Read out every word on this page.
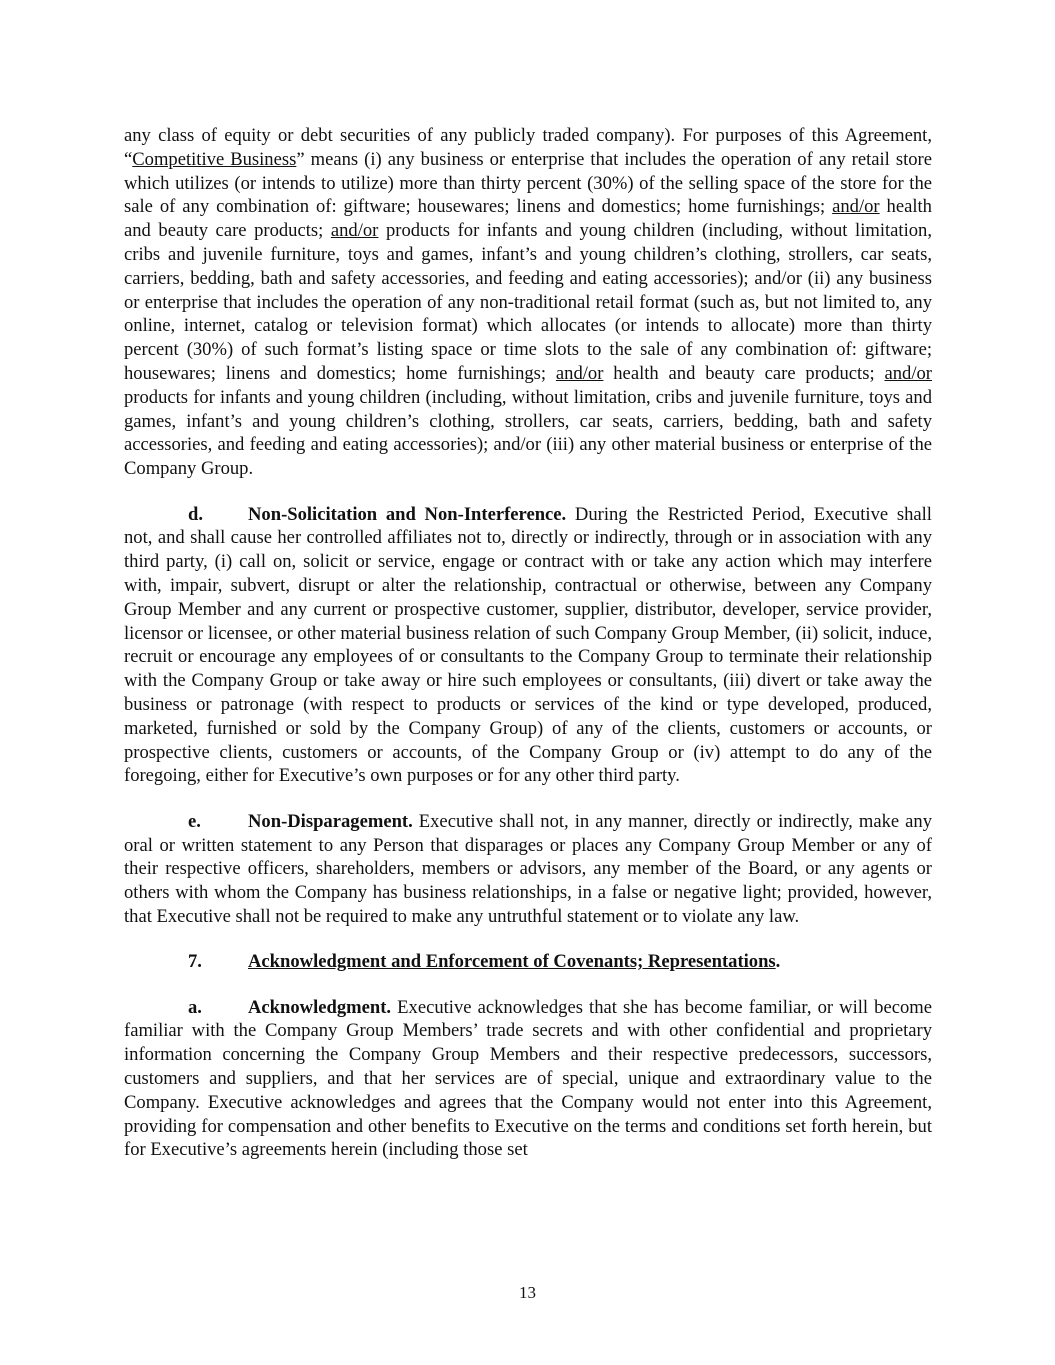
any class of equity or debt securities of any publicly traded company). For purposes of this Agreement, “Competitive Business” means (i) any business or enterprise that includes the operation of any retail store which utilizes (or intends to utilize) more than thirty percent (30%) of the selling space of the store for the sale of any combination of: giftware; housewares; linens and domestics; home furnishings; and/or health and beauty care products; and/or products for infants and young children (including, without limitation, cribs and juvenile furniture, toys and games, infant’s and young children’s clothing, strollers, car seats, carriers, bedding, bath and safety accessories, and feeding and eating accessories); and/or (ii) any business or enterprise that includes the operation of any non-traditional retail format (such as, but not limited to, any online, internet, catalog or television format) which allocates (or intends to allocate) more than thirty percent (30%) of such format’s listing space or time slots to the sale of any combination of: giftware; housewares; linens and domestics; home furnishings; and/or health and beauty care products; and/or products for infants and young children (including, without limitation, cribs and juvenile furniture, toys and games, infant’s and young children’s clothing, strollers, car seats, carriers, bedding, bath and safety accessories, and feeding and eating accessories); and/or (iii) any other material business or enterprise of the Company Group.

d. Non-Solicitation and Non-Interference. During the Restricted Period, Executive shall not, and shall cause her controlled affiliates not to, directly or indirectly, through or in association with any third party, (i) call on, solicit or service, engage or contract with or take any action which may interfere with, impair, subvert, disrupt or alter the relationship, contractual or otherwise, between any Company Group Member and any current or prospective customer, supplier, distributor, developer, service provider, licensor or licensee, or other material business relation of such Company Group Member, (ii) solicit, induce, recruit or encourage any employees of or consultants to the Company Group to terminate their relationship with the Company Group or take away or hire such employees or consultants, (iii) divert or take away the business or patronage (with respect to products or services of the kind or type developed, produced, marketed, furnished or sold by the Company Group) of any of the clients, customers or accounts, or prospective clients, customers or accounts, of the Company Group or (iv) attempt to do any of the foregoing, either for Executive’s own purposes or for any other third party.

e.	Non-Disparagement. Executive shall not, in any manner, directly or indirectly, make any oral or written statement to any Person that disparages or places any Company Group Member or any of their respective officers, shareholders, members or advisors, any member of the Board, or any agents or others with whom the Company has business relationships, in a false or negative light; provided, however, that Executive shall not be required to make any untruthful statement or to violate any law.

7. Acknowledgment and Enforcement of Covenants; Representations.

a. Acknowledgment. Executive acknowledges that she has become familiar, or will become familiar with the Company Group Members’ trade secrets and with other confidential and proprietary information concerning the Company Group Members and their respective predecessors, successors, customers and suppliers, and that her services are of special, unique and extraordinary value to the Company. Executive acknowledges and agrees that the Company would not enter into this Agreement, providing for compensation and other benefits to Executive on the terms and conditions set forth herein, but for Executive’s agreements herein (including those set

13
